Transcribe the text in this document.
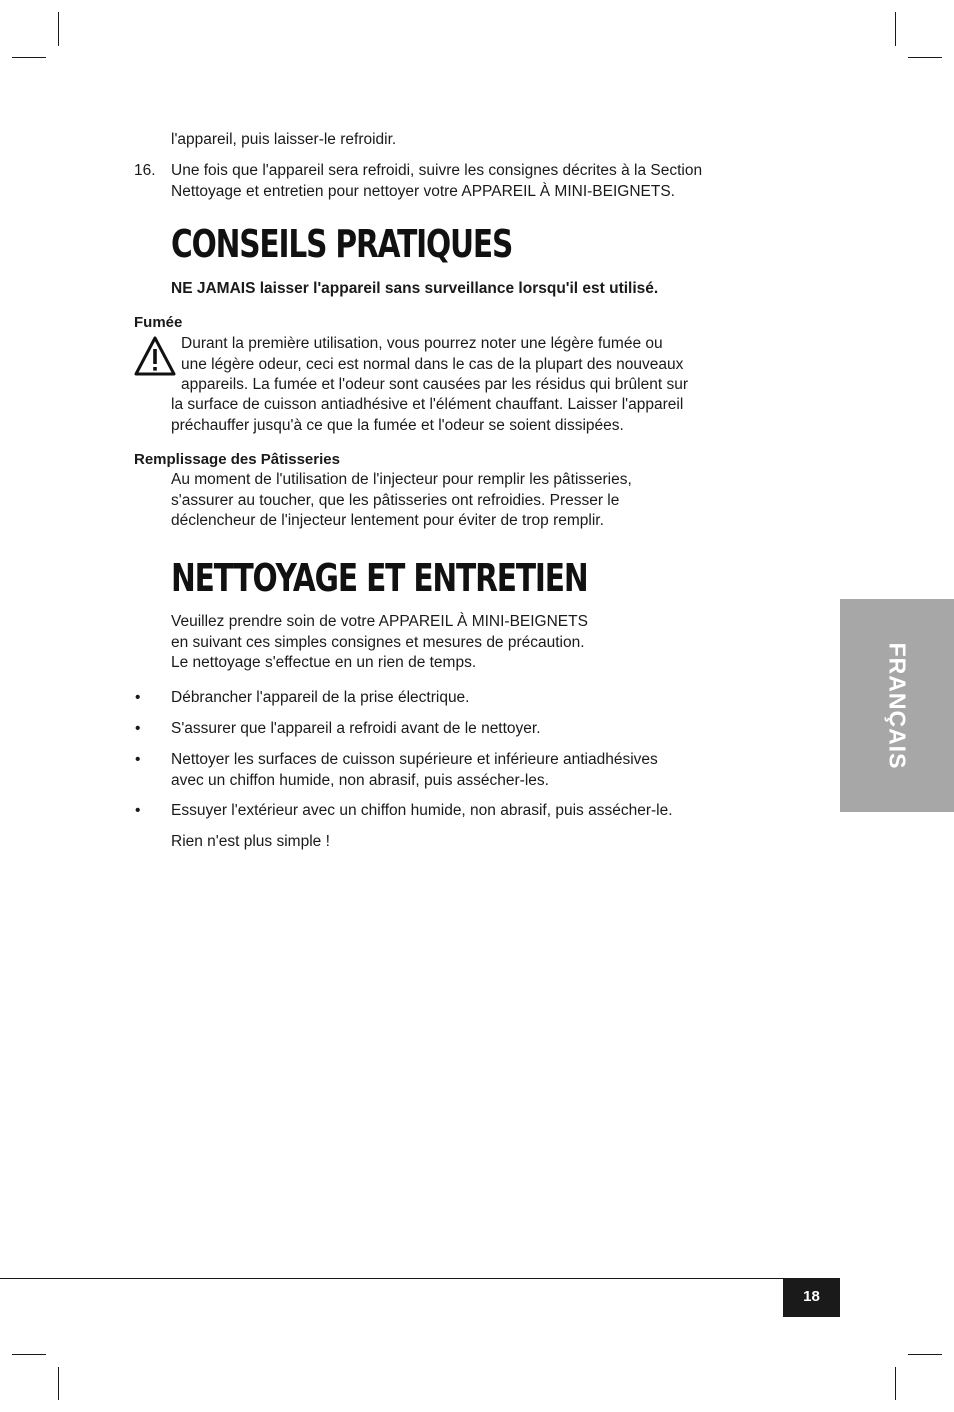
l'appareil, puis laisser-le refroidir.
16. Une fois que l'appareil sera refroidi, suivre les consignes décrites à la Section
Nettoyage et entretien pour nettoyer votre APPAREIL À MINI-BEIGNETS.
CONSEILS PRATIQUES
NE JAMAIS laisser l'appareil sans surveillance lorsqu'il est utilisé.
Fumée
Durant la première utilisation, vous pourrez noter une légère fumée ou
une légère odeur, ceci est normal dans le cas de la plupart des nouveaux
appareils. La fumée et l'odeur sont causées par les résidus qui brûlent sur
la surface de cuisson antiadhésive et l'élément chauffant. Laisser l'appareil
préchauffer jusqu'à ce que la fumée et l'odeur se soient dissipées.
Remplissage des Pâtisseries
Au moment de l'utilisation de l'injecteur pour remplir les pâtisseries,
s'assurer au toucher, que les pâtisseries ont refroidies. Presser le
déclencheur de l'injecteur lentement pour éviter de trop remplir.
NETTOYAGE ET ENTRETIEN
Veuillez prendre soin de votre APPAREIL À MINI-BEIGNETS
en suivant ces simples consignes et mesures de précaution.
Le nettoyage s'effectue en un rien de temps.
• Débrancher l'appareil de la prise électrique.
• S'assurer que l'appareil a refroidi avant de le nettoyer.
• Nettoyer les surfaces de cuisson supérieure et inférieure antiadhésives
avec un chiffon humide, non abrasif, puis assécher-les.
• Essuyer l'extérieur avec un chiffon humide, non abrasif, puis assécher-le.
Rien n'est plus simple !
FRANÇAIS
18
